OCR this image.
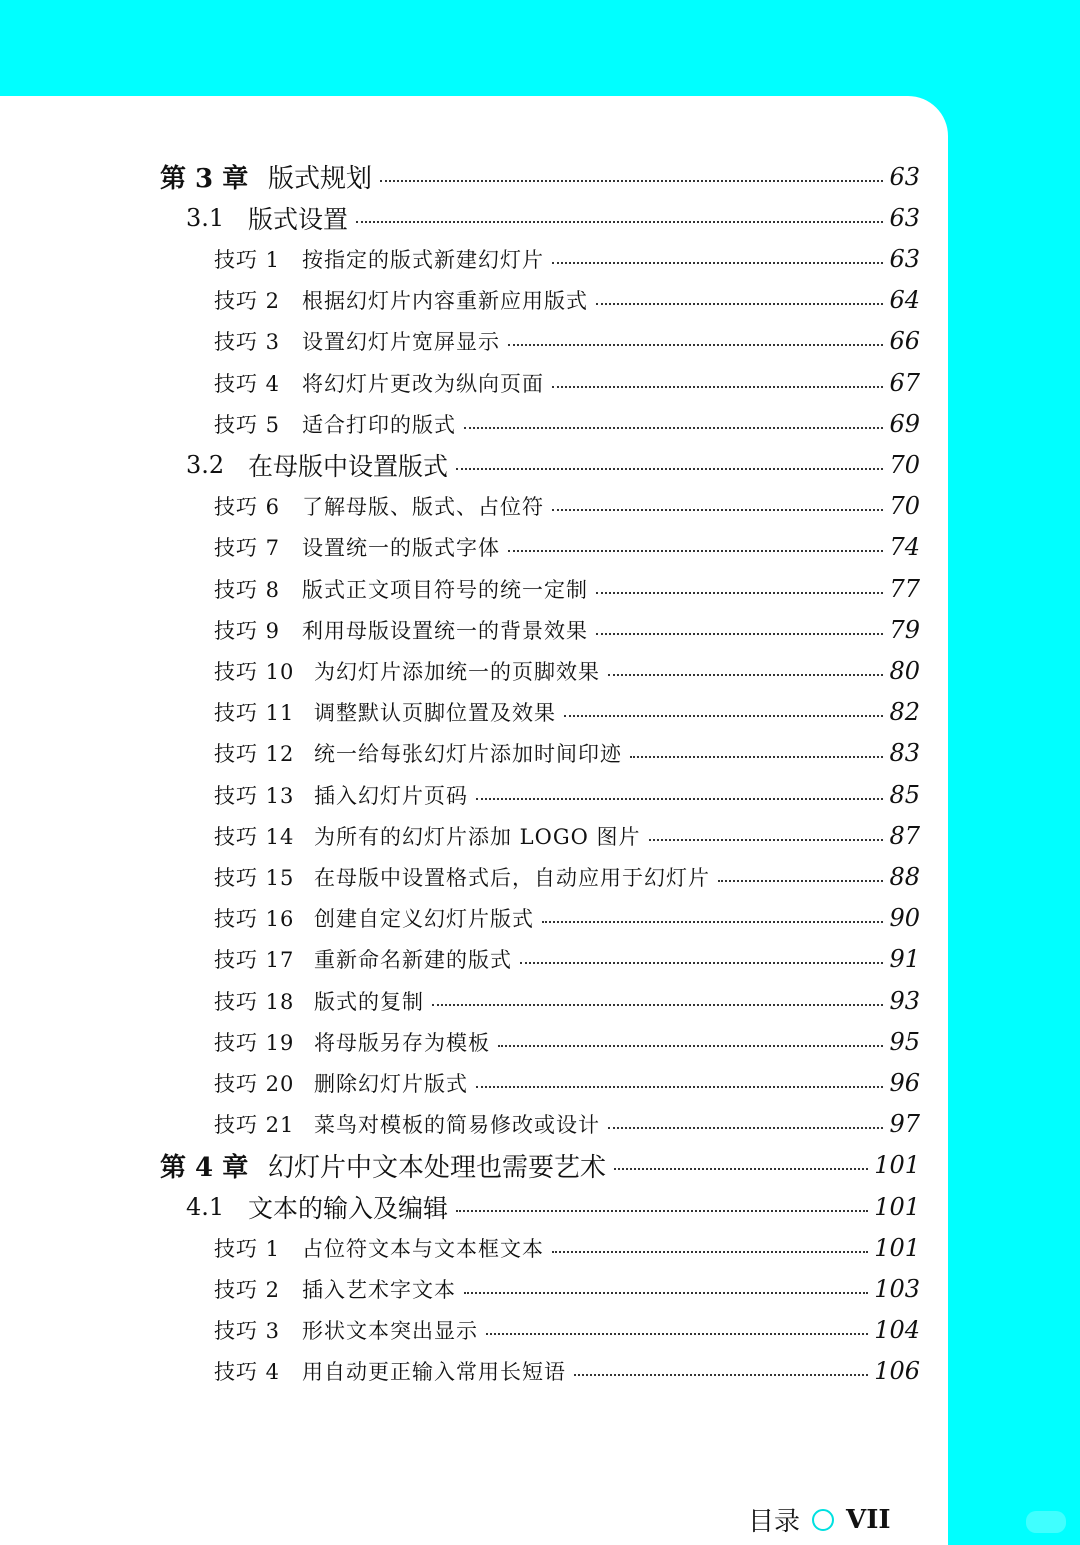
第 3 章 版式规划	63
3.1 版式设置	63
技巧 1	按指定的版式新建幻灯片	63
技巧 2	根据幻灯片内容重新应用版式	64
技巧 3	设置幻灯片宽屏显示	66
技巧 4	将幻灯片更改为纵向页面	67
技巧 5	适合打印的版式	69
3.2 在母版中设置版式	70
技巧 6	了解母版、版式、占位符	70
技巧 7	设置统一的版式字体	74
技巧 8	版式正文项目符号的统一定制	77
技巧 9	利用母版设置统一的背景效果	79
技巧 10 为幻灯片添加统一的页脚效果	80
技巧 11 调整默认页脚位置及效果	82
技巧 12 统一给每张幻灯片添加时间印迹	83
技巧 13 插入幻灯片页码	85
技巧 14 为所有的幻灯片添加 LOGO 图片	87
技巧 15 在母版中设置格式后，自动应用于幻灯片	88
技巧 16 创建自定义幻灯片版式	90
技巧 17 重新命名新建的版式	91
技巧 18 版式的复制	93
技巧 19 将母版另存为模板	95
技巧 20 删除幻灯片版式	96
技巧 21 菜鸟对模板的简易修改或设计	97
第 4 章 幻灯片中文本处理也需要艺术	101
4.1 文本的输入及编辑	101
技巧 1	占位符文本与文本框文本	101
技巧 2	插入艺术字文本	103
技巧 3	形状文本突出显示	104
技巧 4	用自动更正输入常用长短语	106
目录 VII
